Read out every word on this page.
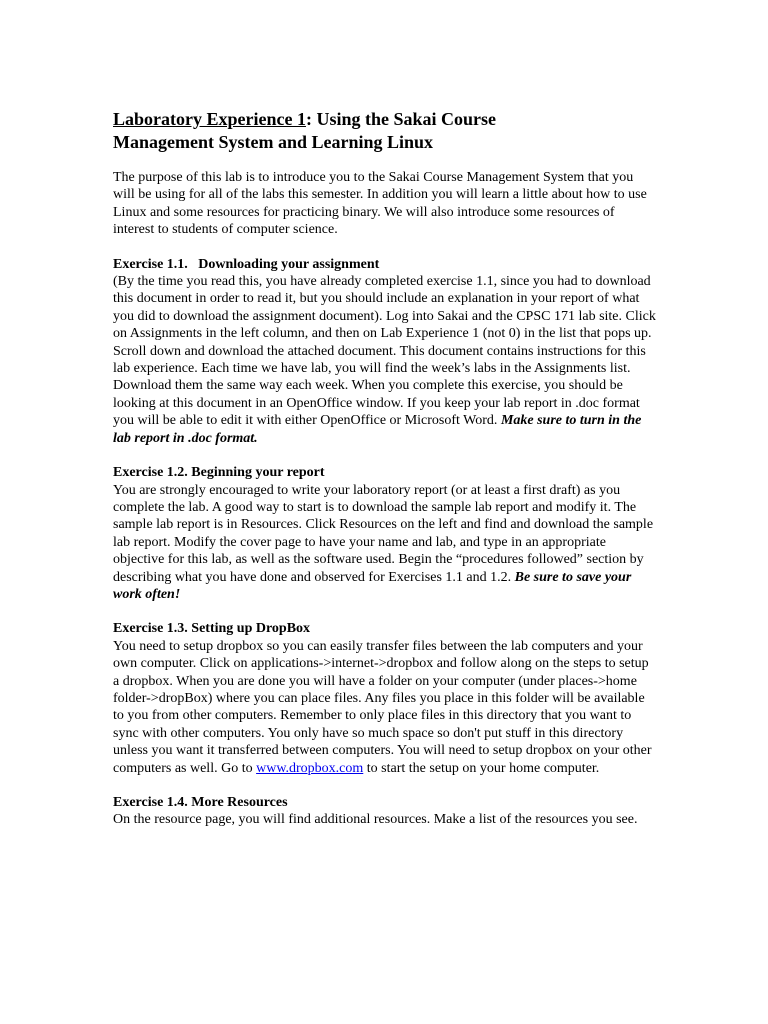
Laboratory Experience 1: Using the Sakai Course
Management System and Learning Linux

The purpose of this lab is to introduce you to the Sakai Course Management System that you will be using for all of the labs this semester. In addition you will learn a little about how to use Linux and some resources for practicing binary. We will also introduce some resources of interest to students of computer science.

Exercise 1.1.   Downloading your assignment

(By the time you read this, you have already completed exercise 1.1, since you had to download this document in order to read it, but you should include an explanation in your report of what you did to download the assignment document). Log into Sakai and the CPSC 171 lab site. Click on Assignments in the left column, and then on Lab Experience 1 (not 0) in the list that pops up. Scroll down and download the attached document. This document contains instructions for this lab experience. Each time we have lab, you will find the week’s labs in the Assignments list. Download them the same way each week. When you complete this exercise, you should be looking at this document in an OpenOffice window. If you keep your lab report in .doc format you will be able to edit it with either OpenOffice or Microsoft Word. Make sure to turn in the lab report in .doc format.

Exercise 1.2. Beginning your report

You are strongly encouraged to write your laboratory report (or at least a first draft) as you complete the lab. A good way to start is to download the sample lab report and modify it. The sample lab report is in Resources. Click Resources on the left and find and download the sample lab report. Modify the cover page to have your name and lab, and type in an appropriate objective for this lab, as well as the software used. Begin the “procedures followed” section by describing what you have done and observed for Exercises 1.1 and 1.2. Be sure to save your work often!

Exercise 1.3. Setting up DropBox

You need to setup dropbox so you can easily transfer files between the lab computers and your own computer. Click on applications->internet->dropbox and follow along on the steps to setup a dropbox. When you are done you will have a folder on your computer (under places->home folder->dropBox) where you can place files. Any files you place in this folder will be available to you from other computers. Remember to only place files in this directory that you want to sync with other computers. You only have so much space so don't put stuff in this directory unless you want it transferred between computers. You will need to setup dropbox on your other computers as well. Go to www.dropbox.com to start the setup on your home computer.

Exercise 1.4. More Resources

On the resource page, you will find additional resources. Make a list of the resources you see.
